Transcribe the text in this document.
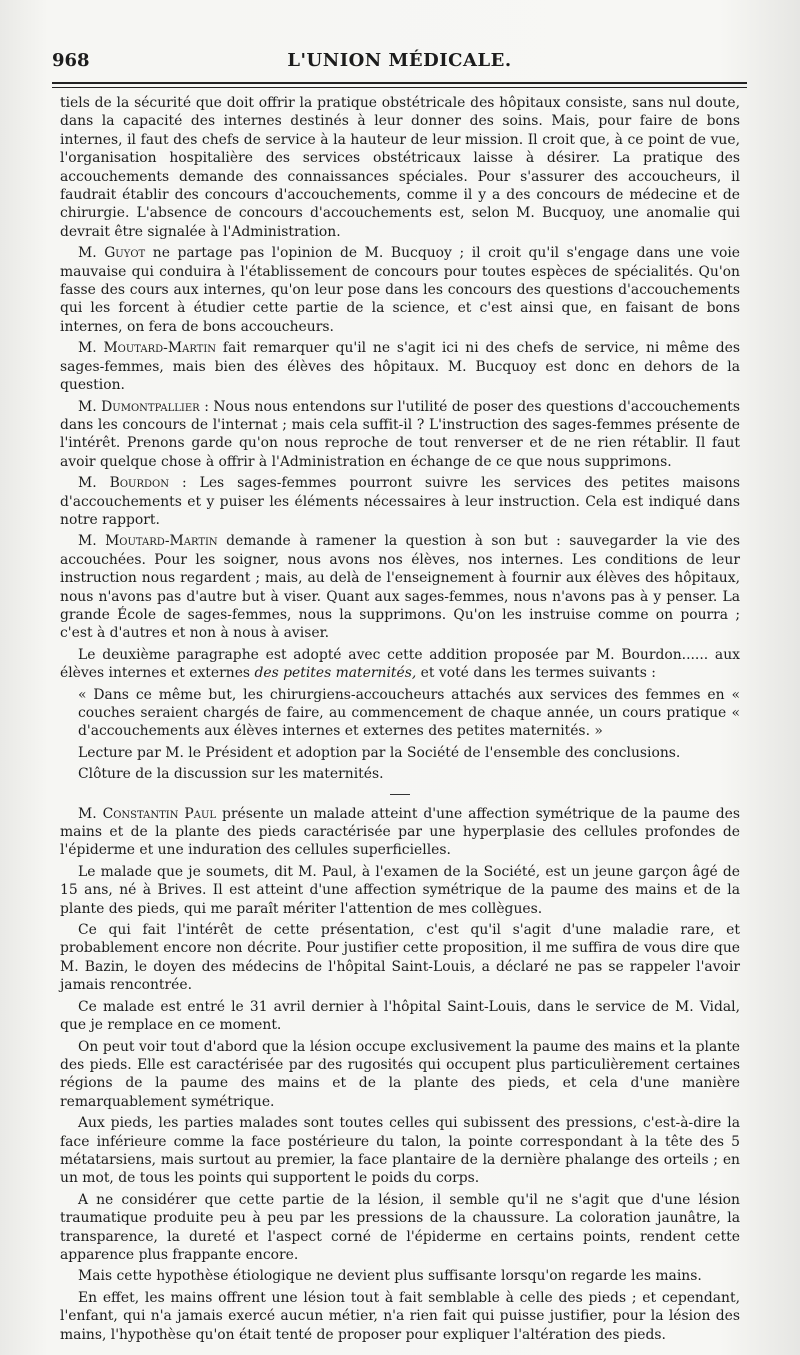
968	L'UNION MÉDICALE.

tiels de la sécurité que doit offrir la pratique obstétricale des hôpitaux consiste, sans nul doute, dans la capacité des internes destinés à leur donner des soins. Mais, pour faire de bons internes, il faut des chefs de service à la hauteur de leur mission. Il croit que, à ce point de vue, l'organisation hospitalière des services obstétricaux laisse à désirer. La pratique des accouchements demande des connaissances spéciales. Pour s'assurer des accoucheurs, il faudrait établir des concours d'accouchements, comme il y a des concours de médecine et de chirurgie. L'absence de concours d'accouchements est, selon M. Bucquoy, une anomalie qui devrait être signalée à l'Administration.

M. Guyot ne partage pas l'opinion de M. Bucquoy ; il croit qu'il s'engage dans une voie mauvaise qui conduira à l'établissement de concours pour toutes espèces de spécialités. Qu'on fasse des cours aux internes, qu'on leur pose dans les concours des questions d'accouchements qui les forcent à étudier cette partie de la science, et c'est ainsi que, en faisant de bons internes, on fera de bons accoucheurs.

M. Moutard-Martin fait remarquer qu'il ne s'agit ici ni des chefs de service, ni même des sages-femmes, mais bien des élèves des hôpitaux. M. Bucquoy est donc en dehors de la question.

M. Dumontpallier : Nous nous entendons sur l'utilité de poser des questions d'accouchements dans les concours de l'internat ; mais cela suffit-il ? L'instruction des sages-femmes présente de l'intérêt. Prenons garde qu'on nous reproche de tout renverser et de ne rien rétablir. Il faut avoir quelque chose à offrir à l'Administration en échange de ce que nous supprimons.

M. Bourdon : Les sages-femmes pourront suivre les services des petites maisons d'accouchements et y puiser les éléments nécessaires à leur instruction. Cela est indiqué dans notre rapport.

M. Moutard-Martin demande à ramener la question à son but : sauvegarder la vie des accouchées. Pour les soigner, nous avons nos élèves, nos internes. Les conditions de leur instruction nous regardent ; mais, au delà de l'enseignement à fournir aux élèves des hôpitaux, nous n'avons pas d'autre but à viser. Quant aux sages-femmes, nous n'avons pas à y penser. La grande École de sages-femmes, nous la supprimons. Qu'on les instruise comme on pourra ; c'est à d'autres et non à nous à aviser.

Le deuxième paragraphe est adopté avec cette addition proposée par M. Bourdon...... aux élèves internes et externes des petites maternités, et voté dans les termes suivants :

« Dans ce même but, les chirurgiens-accoucheurs attachés aux services des femmes en « couches seraient chargés de faire, au commencement de chaque année, un cours pratique « d'accouchements aux élèves internes et externes des petites maternités. »

Lecture par M. le Président et adoption par la Société de l'ensemble des conclusions.

Clôture de la discussion sur les maternités.

M. Constantin Paul présente un malade atteint d'une affection symétrique de la paume des mains et de la plante des pieds caractérisée par une hyperplasie des cellules profondes de l'épiderme et une induration des cellules superficielles.

Le malade que je soumets, dit M. Paul, à l'examen de la Société, est un jeune garçon âgé de 15 ans, né à Brives. Il est atteint d'une affection symétrique de la paume des mains et de la plante des pieds, qui me paraît mériter l'attention de mes collègues.

Ce qui fait l'intérêt de cette présentation, c'est qu'il s'agit d'une maladie rare, et probablement encore non décrite. Pour justifier cette proposition, il me suffira de vous dire que M. Bazin, le doyen des médecins de l'hôpital Saint-Louis, a déclaré ne pas se rappeler l'avoir jamais rencontrée.

Ce malade est entré le 31 avril dernier à l'hôpital Saint-Louis, dans le service de M. Vidal, que je remplace en ce moment.

On peut voir tout d'abord que la lésion occupe exclusivement la paume des mains et la plante des pieds. Elle est caractérisée par des rugosités qui occupent plus particulièrement certaines régions de la paume des mains et de la plante des pieds, et cela d'une manière remarquablement symétrique.

Aux pieds, les parties malades sont toutes celles qui subissent des pressions, c'est-à-dire la face inférieure comme la face postérieure du talon, la pointe correspondant à la tête des 5 métatarsiens, mais surtout au premier, la face plantaire de la dernière phalange des orteils ; en un mot, de tous les points qui supportent le poids du corps.

A ne considérer que cette partie de la lésion, il semble qu'il ne s'agit que d'une lésion traumatique produite peu à peu par les pressions de la chaussure. La coloration jaunâtre, la transparence, la dureté et l'aspect corné de l'épiderme en certains points, rendent cette apparence plus frappante encore.

Mais cette hypothèse étiologique ne devient plus suffisante lorsqu'on regarde les mains.

En effet, les mains offrent une lésion tout à fait semblable à celle des pieds ; et cependant, l'enfant, qui n'a jamais exercé aucun métier, n'a rien fait qui puisse justifier, pour la lésion des mains, l'hypothèse qu'on était tenté de proposer pour expliquer l'altération des pieds.
